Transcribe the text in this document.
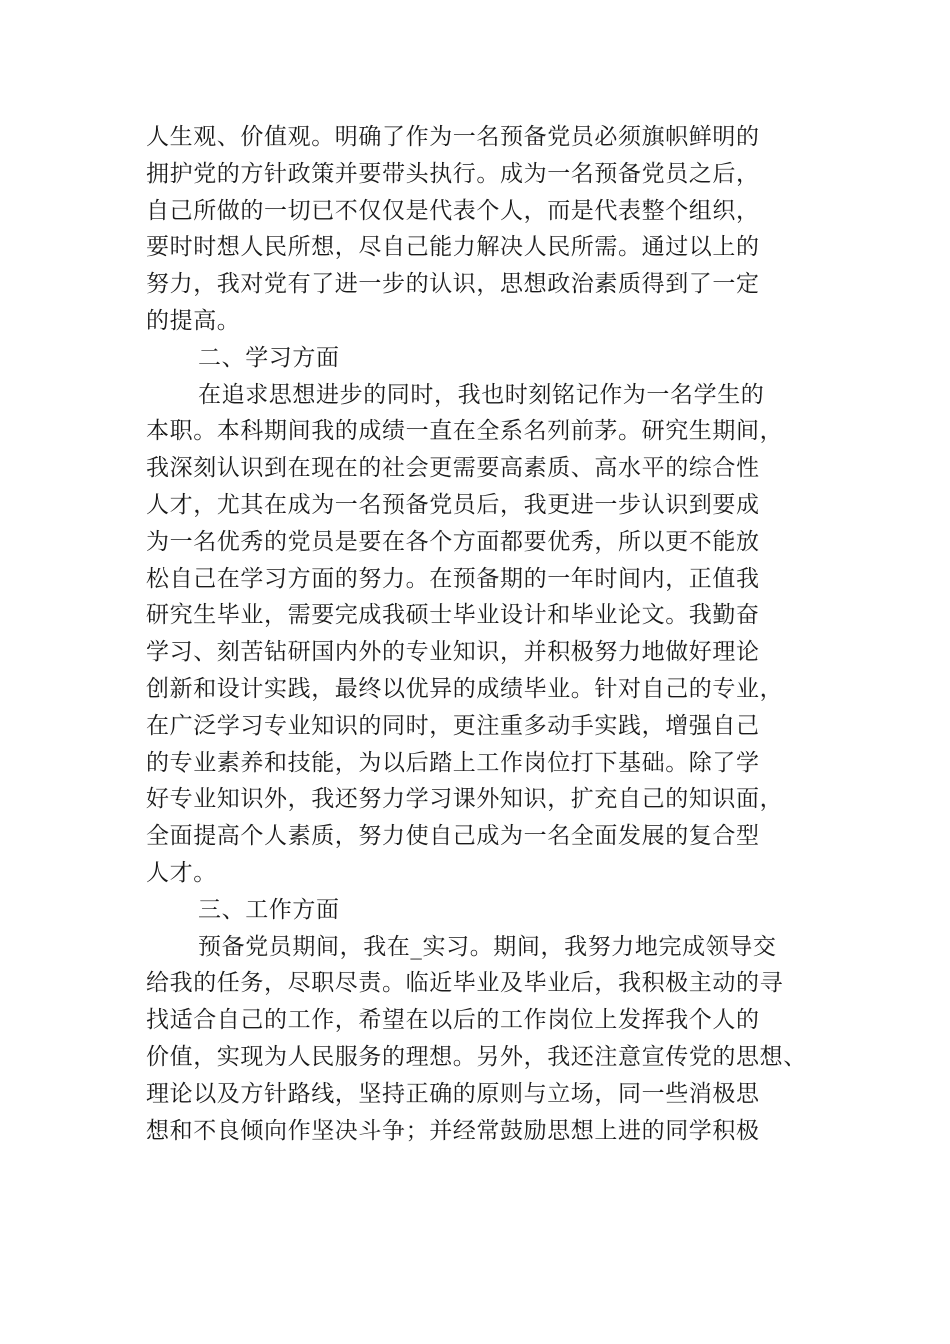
人生观、价值观。明确了作为一名预备党员必须旗帜鲜明的
拥护党的方针政策并要带头执行。成为一名预备党员之后，
自己所做的一切已不仅仅是代表个人，而是代表整个组织，
要时时想人民所想，尽自己能力解决人民所需。通过以上的
努力，我对党有了进一步的认识，思想政治素质得到了一定
的提高。
二、学习方面
在追求思想进步的同时，我也时刻铭记作为一名学生的
本职。本科期间我的成绩一直在全系名列前茅。研究生期间，
我深刻认识到在现在的社会更需要高素质、高水平的综合性
人才，尤其在成为一名预备党员后，我更进一步认识到要成
为一名优秀的党员是要在各个方面都要优秀，所以更不能放
松自己在学习方面的努力。在预备期的一年时间内，正值我
研究生毕业，需要完成我硕士毕业设计和毕业论文。我勤奋
学习、刻苦钻研国内外的专业知识，并积极努力地做好理论
创新和设计实践，最终以优异的成绩毕业。针对自己的专业，
在广泛学习专业知识的同时，更注重多动手实践，增强自己
的专业素养和技能，为以后踏上工作岗位打下基础。除了学
好专业知识外，我还努力学习课外知识，扩充自己的知识面，
全面提高个人素质，努力使自己成为一名全面发展的复合型
人才。
三、工作方面
预备党员期间，我在_实习。期间，我努力地完成领导交
给我的任务，尽职尽责。临近毕业及毕业后，我积极主动的寻
找适合自己的工作，希望在以后的工作岗位上发挥我个人的
价值，实现为人民服务的理想。另外，我还注意宣传党的思想、
理论以及方针路线，坚持正确的原则与立场，同一些消极思
想和不良倾向作坚决斗争；并经常鼓励思想上进的同学积极
